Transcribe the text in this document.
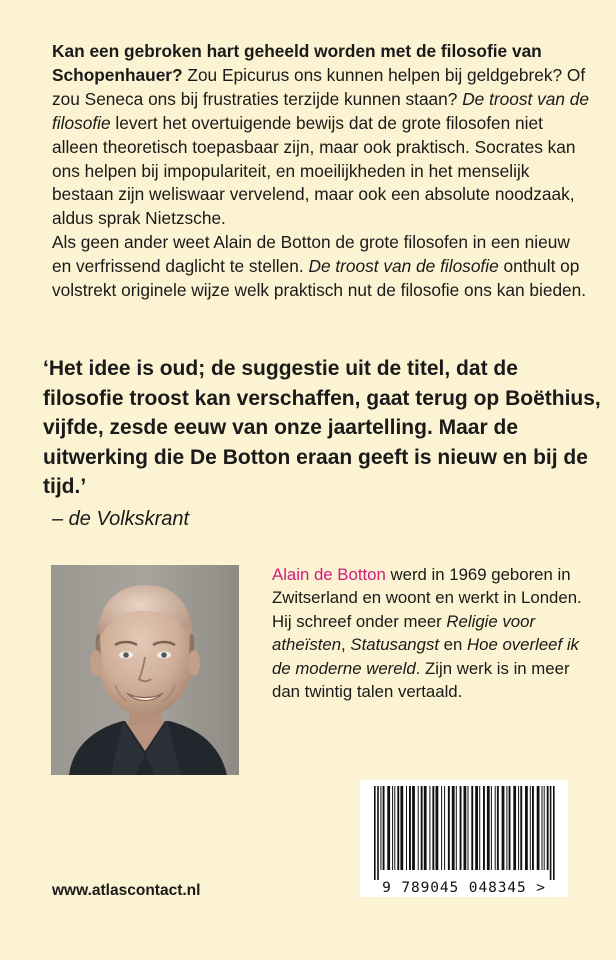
Kan een gebroken hart geheeld worden met de filosofie van Schopenhauer? Zou Epicurus ons kunnen helpen bij geldgebrek? Of zou Seneca ons bij frustraties terzijde kunnen staan? De troost van de filosofie levert het overtuigende bewijs dat de grote filosofen niet alleen theoretisch toepasbaar zijn, maar ook praktisch. Socrates kan ons helpen bij impopulariteit, en moeilijkheden in het menselijk bestaan zijn weliswaar vervelend, maar ook een absolute noodzaak, aldus sprak Nietzsche.

Als geen ander weet Alain de Botton de grote filosofen in een nieuw en verfrissend daglicht te stellen. De troost van de filosofie onthult op volstrekt originele wijze welk praktisch nut de filosofie ons kan bieden.

‘Het idee is oud; de suggestie uit de titel, dat de filosofie troost kan verschaffen, gaat terug op Boëthius, vijfde, zesde eeuw van onze jaartelling. Maar de uitwerking die De Botton eraan geeft is nieuw en bij de tijd.’

– de Volkskrant
Alain de Botton werd in 1969 geboren in Zwitserland en woont en werkt in Londen. Hij schreef onder meer Religie voor atheïsten, Statusangst en Hoe overleef ik de moderne wereld. Zijn werk is in meer dan twintig talen vertaald.
9 789045 048345 >
www.atlascontact.nl
